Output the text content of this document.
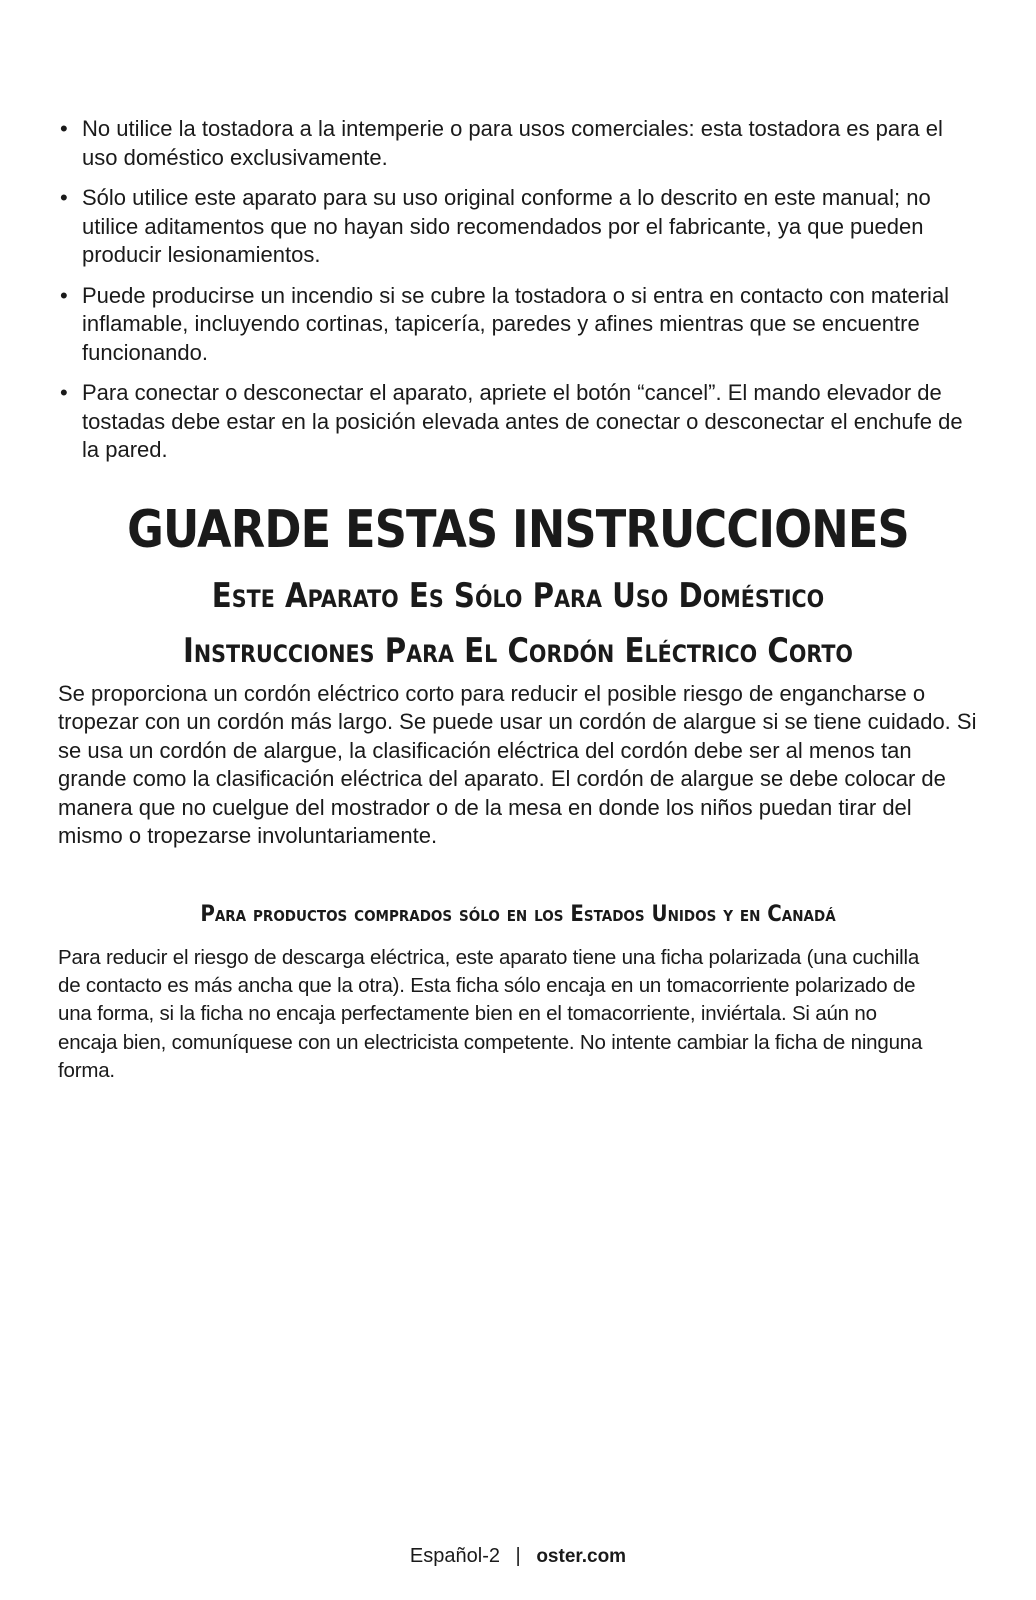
• No utilice la tostadora a la intemperie o para usos comerciales: esta tostadora es para el uso doméstico exclusivamente.
• Sólo utilice este aparato para su uso original conforme a lo descrito en este manual; no utilice aditamentos que no hayan sido recomendados por el fabricante, ya que pueden producir lesionamientos.
• Puede producirse un incendio si se cubre la tostadora o si entra en contacto con material inflamable, incluyendo cortinas, tapicería, paredes y afines mientras que se encuentre funcionando.
• Para conectar o desconectar el aparato, apriete el botón “cancel”. El mando elevador de tostadas debe estar en la posición elevada antes de conectar o desconectar el enchufe de la pared.
GUARDE ESTAS INSTRUCCIONES
Este Aparato Es Sólo Para Uso Doméstico
Instrucciones Para El Cordón Eléctrico Corto

Se proporciona un cordón eléctrico corto para reducir el posible riesgo de engancharse o tropezar con un cordón más largo. Se puede usar un cordón de alargue si se tiene cuidado. Si se usa un cordón de alargue, la clasificación eléctrica del cordón debe ser al menos tan grande como la clasificación eléctrica del aparato. El cordón de alargue se debe colocar de manera que no cuelgue del mostrador o de la mesa en donde los niños puedan tirar del mismo o tropezarse involuntariamente.

Para productos comprados sólo en los Estados Unidos y en Canadá

Para reducir el riesgo de descarga eléctrica, este aparato tiene una ficha polarizada (una cuchilla de contacto es más ancha que la otra). Esta ficha sólo encaja en un tomacorriente polarizado de una forma, si la ficha no encaja perfectamente bien en el tomacorriente, inviértala. Si aún no encaja bien, comuníquese con un electricista competente. No intente cambiar la ficha de ninguna forma.

Español-2 | oster.com
